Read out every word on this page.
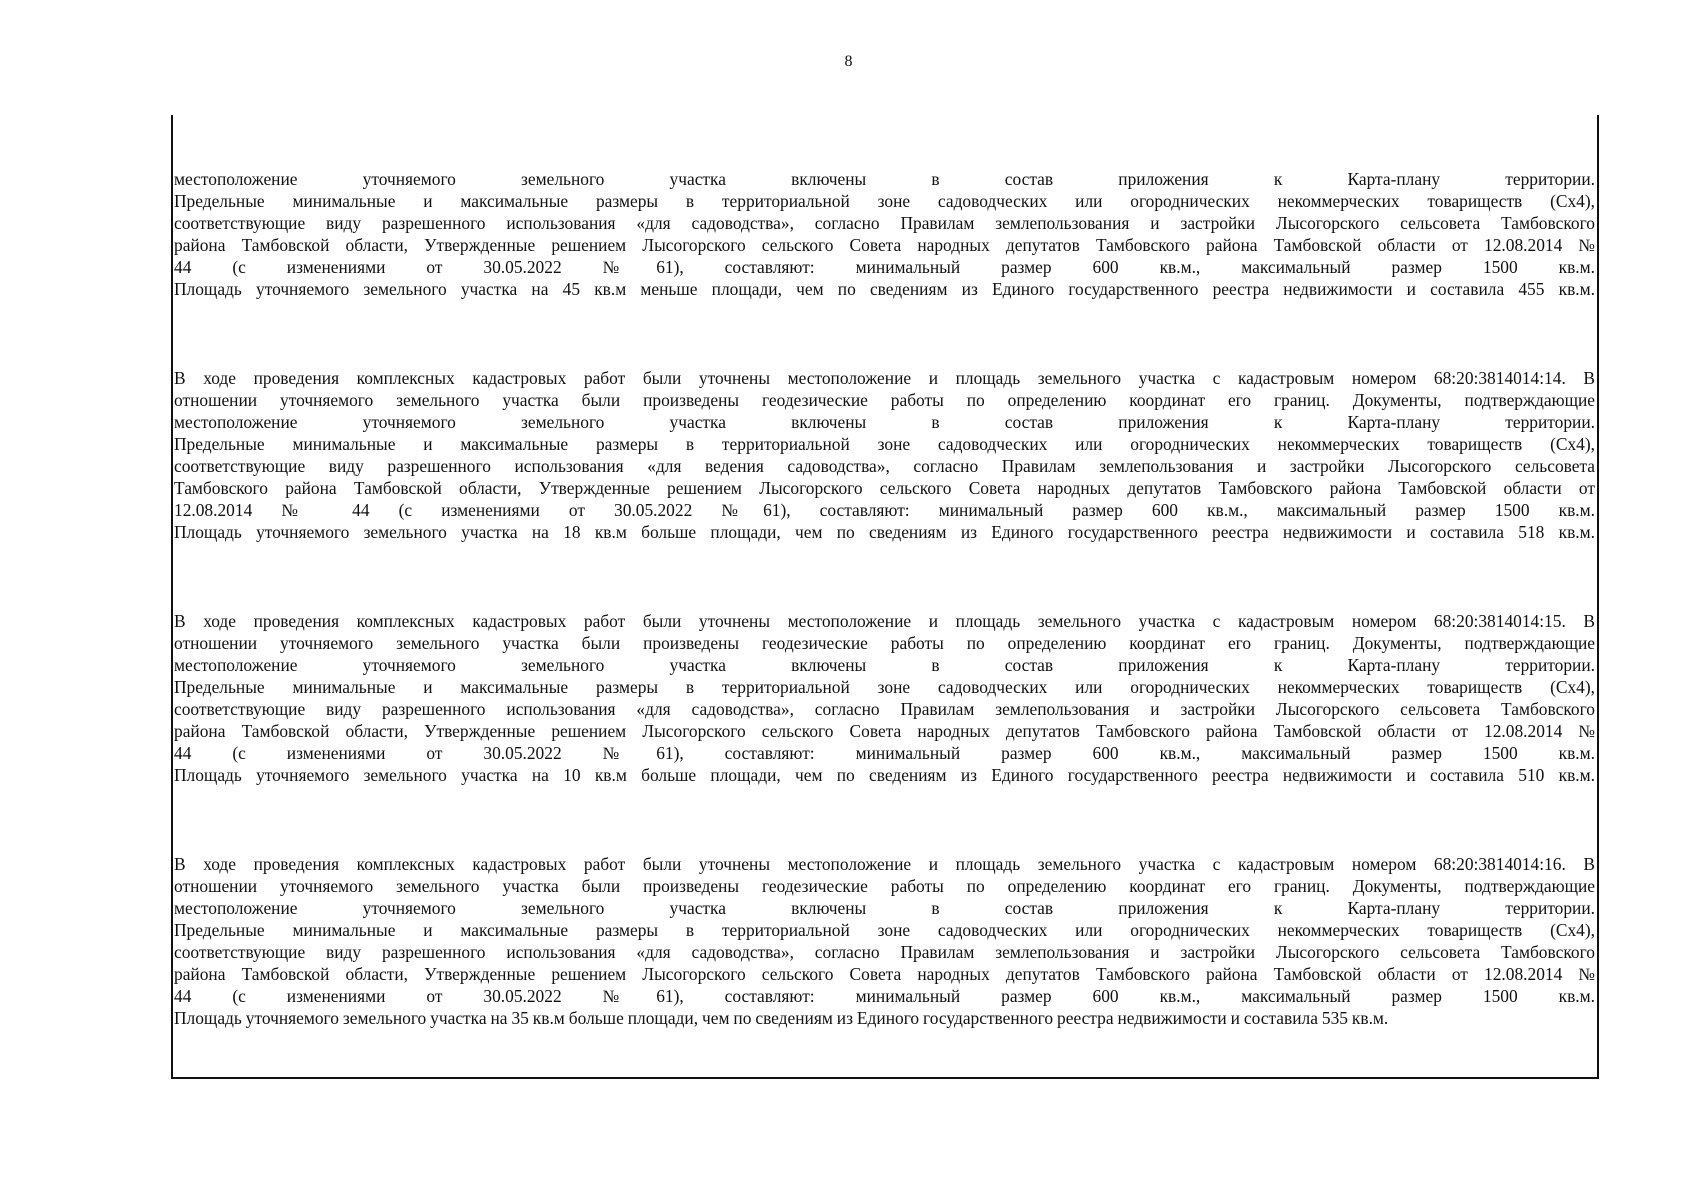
8
местоположение уточняемого земельного участка включены в состав приложения к Карта-плану территории.
Предельные минимальные и максимальные размеры в территориальной зоне садоводческих или огороднических некоммерческих товариществ (Сх4),
соответствующие виду разрешенного использования «для садоводства», согласно Правилам землепользования и застройки Лысогорского сельсовета Тамбовского
района Тамбовской области, Утвержденные решением Лысогорского сельского Совета народных депутатов Тамбовского района Тамбовской области от 12.08.2014 №
44 (с изменениями от 30.05.2022 №61), составляют: минимальный размер 600 кв.м., максимальный размер 1500 кв.м.
Площадь уточняемого земельного участка на 45 кв.м меньше площади, чем по сведениям из Единого государственного реестра недвижимости и составила 455 кв.м.
В ходе проведения комплексных кадастровых работ были уточнены местоположение и площадь земельного участка с кадастровым номером 68:20:3814014:14. В
отношении уточняемого земельного участка были произведены геодезические работы по определению координат его границ. Документы, подтверждающие
местоположение уточняемого земельного участка включены в состав приложения к Карта-плану территории.
Предельные минимальные и максимальные размеры в территориальной зоне садоводческих или огороднических некоммерческих товариществ (Сх4),
соответствующие виду разрешенного использования «для ведения садоводства», согласно Правилам землепользования и застройки Лысогорского сельсовета
Тамбовского района Тамбовской области, Утвержденные решением Лысогорского сельского Совета народных депутатов Тамбовского района Тамбовской области от
12.08.2014 № 44 (с изменениями от 30.05.2022 №61), составляют: минимальный размер 600 кв.м., максимальный размер 1500 кв.м.
Площадь уточняемого земельного участка на 18 кв.м больше площади, чем по сведениям из Единого государственного реестра недвижимости и составила 518 кв.м.
В ходе проведения комплексных кадастровых работ были уточнены местоположение и площадь земельного участка с кадастровым номером 68:20:3814014:15. В
отношении уточняемого земельного участка были произведены геодезические работы по определению координат его границ. Документы, подтверждающие
местоположение уточняемого земельного участка включены в состав приложения к Карта-плану территории.
Предельные минимальные и максимальные размеры в территориальной зоне садоводческих или огороднических некоммерческих товариществ (Сх4),
соответствующие виду разрешенного использования «для садоводства», согласно Правилам землепользования и застройки Лысогорского сельсовета Тамбовского
района Тамбовской области, Утвержденные решением Лысогорского сельского Совета народных депутатов Тамбовского района Тамбовской области от 12.08.2014 №
44 (с изменениями от 30.05.2022 №61), составляют: минимальный размер 600 кв.м., максимальный размер 1500 кв.м.
Площадь уточняемого земельного участка на 10 кв.м больше площади, чем по сведениям из Единого государственного реестра недвижимости и составила 510 кв.м.
В ходе проведения комплексных кадастровых работ были уточнены местоположение и площадь земельного участка с кадастровым номером 68:20:3814014:16. В
отношении уточняемого земельного участка были произведены геодезические работы по определению координат его границ. Документы, подтверждающие
местоположение уточняемого земельного участка включены в состав приложения к Карта-плану территории.
Предельные минимальные и максимальные размеры в территориальной зоне садоводческих или огороднических некоммерческих товариществ (Сх4),
соответствующие виду разрешенного использования «для садоводства», согласно Правилам землепользования и застройки Лысогорского сельсовета Тамбовского
района Тамбовской области, Утвержденные решением Лысогорского сельского Совета народных депутатов Тамбовского района Тамбовской области от 12.08.2014 №
44 (с изменениями от 30.05.2022 №61), составляют: минимальный размер 600 кв.м., максимальный размер 1500 кв.м.
Площадь уточняемого земельного участка на 35 кв.м больше площади, чем по сведениям из Единого государственного реестра недвижимости и составила 535 кв.м.
